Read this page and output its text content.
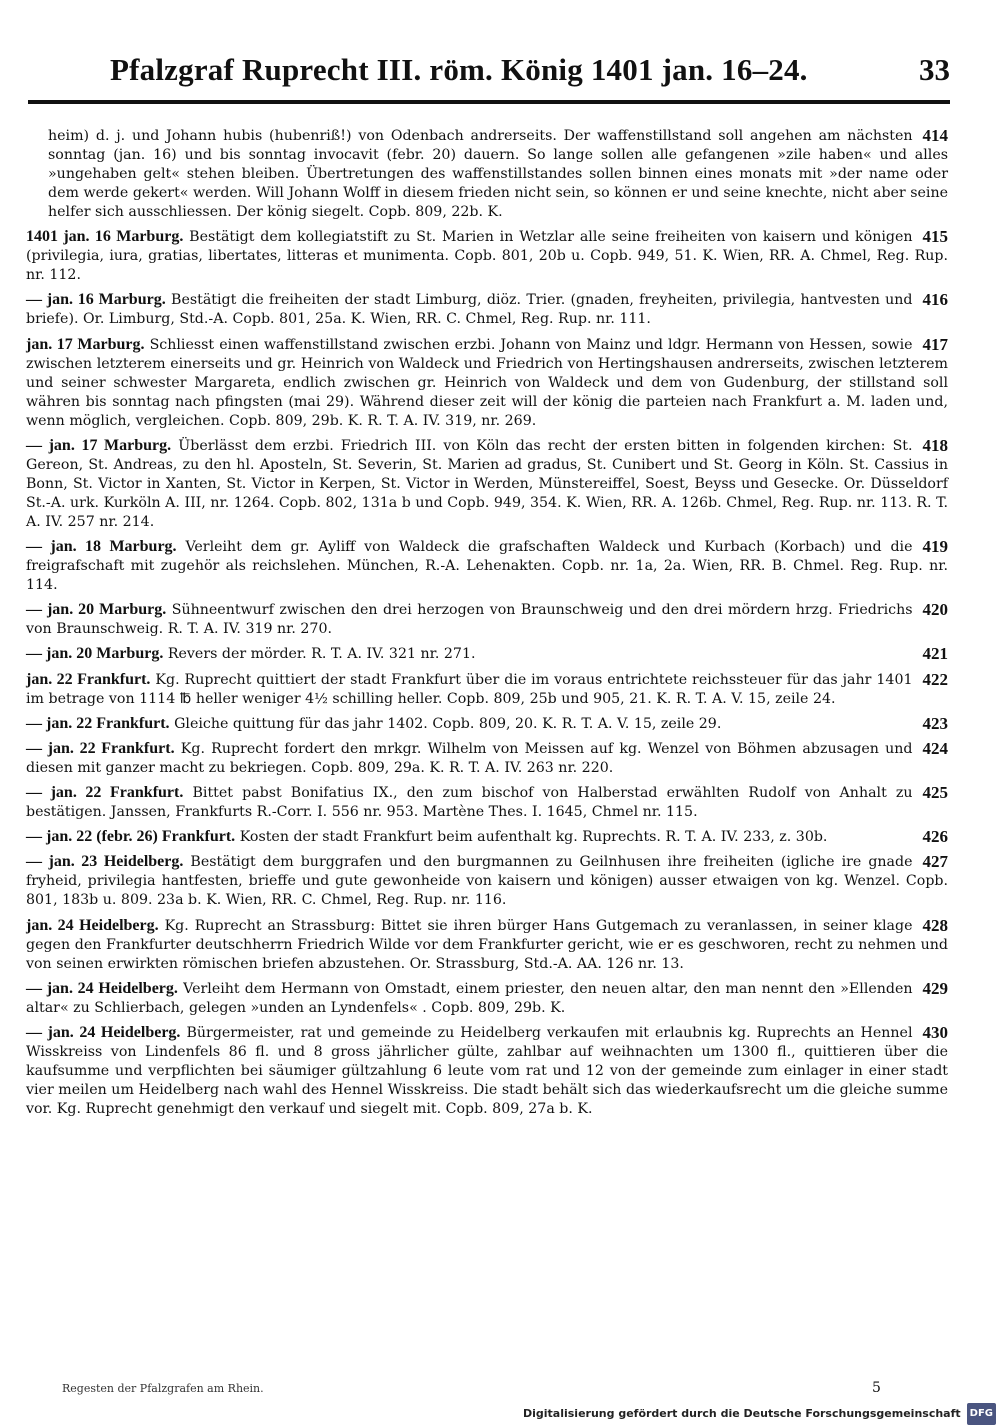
Pfalzgraf Ruprecht III. röm. König 1401 jan. 16–24.	33
414
heim) d. j. und Johann hubis (hubenriß!) von Odenbach andrerseits. Der waffenstillstand soll angehen am nächsten sonntag (jan. 16) und bis sonntag invocavit (febr. 20) dauern. So lange sollen alle gefangenen »zile haben« und alles »ungehaben gelt« stehen bleiben. Übertretungen des waffenstillstandes sollen binnen eines monats mit »der name oder dem werde gekert« werden. Will Johann Wolff in diesem frieden nicht sein, so können er und seine knechte, nicht aber seine helfer sich ausschliessen. Der könig siegelt. Copb. 809, 22b. K.
415
1401 jan. 16 Marburg. Bestätigt dem kollegiatstift zu St. Marien in Wetzlar alle seine freiheiten von kaisern und königen (privilegia, iura, gratias, libertates, litteras et munimenta. Copb. 801, 20b u. Copb. 949, 51. K. Wien, RR. A. Chmel, Reg. Rup. nr. 112.
416
— jan. 16 Marburg. Bestätigt die freiheiten der stadt Limburg, diöz. Trier. (gnaden, freyheiten, privilegia, hantvesten und briefe). Or. Limburg, Std.-A. Copb. 801, 25a. K. Wien, RR. C. Chmel, Reg. Rup. nr. 111.
417
jan. 17 Marburg. Schliesst einen waffenstillstand zwischen erzbi. Johann von Mainz und ldgr. Hermann von Hessen, sowie zwischen letzterem einerseits und gr. Heinrich von Waldeck und Friedrich von Hertingshausen andrerseits, zwischen letzterem und seiner schwester Margareta, endlich zwischen gr. Heinrich von Waldeck und dem von Gudenburg, der stillstand soll währen bis sonntag nach pfingsten (mai 29). Während dieser zeit will der könig die parteien nach Frankfurt a. M. laden und, wenn möglich, vergleichen. Copb. 809, 29b. K. R. T. A. IV. 319, nr. 269.
418
— jan. 17 Marburg. Überlässt dem erzbi. Friedrich III. von Köln das recht der ersten bitten in folgenden kirchen: St. Gereon, St. Andreas, zu den hl. Aposteln, St. Severin, St. Marien ad gradus, St. Cunibert und St. Georg in Köln. St. Cassius in Bonn, St. Victor in Xanten, St. Victor in Kerpen, St. Victor in Werden, Münstereiffel, Soest, Beyss und Gesecke. Or. Düsseldorf St.-A. urk. Kurköln A. III, nr. 1264. Copb. 802, 131a b und Copb. 949, 354. K. Wien, RR. A. 126b. Chmel, Reg. Rup. nr. 113. R. T. A. IV. 257 nr. 214.
419
— jan. 18 Marburg. Verleiht dem gr. Ayliff von Waldeck die grafschaften Waldeck und Kurbach (Korbach) und die freigrafschaft mit zugehör als reichslehen. München, R.-A. Lehenakten. Copb. nr. 1a, 2a. Wien, RR. B. Chmel. Reg. Rup. nr. 114.
420
— jan. 20 Marburg. Sühneentwurf zwischen den drei herzogen von Braunschweig und den drei mördern hrzg. Friedrichs von Braunschweig. R. T. A. IV. 319 nr. 270.
421
— jan. 20 Marburg. Revers der mörder. R. T. A. IV. 321 nr. 271.
422
jan. 22 Frankfurt. Kg. Ruprecht quittiert der stadt Frankfurt über die im voraus entrichtete reichssteuer für das jahr 1401 im betrage von 1114 ℔ heller weniger 4½ schilling heller. Copb. 809, 25b und 905, 21. K. R. T. A. V. 15, zeile 24.
423
— jan. 22 Frankfurt. Gleiche quittung für das jahr 1402. Copb. 809, 20. K. R. T. A. V. 15, zeile 29.
424
— jan. 22 Frankfurt. Kg. Ruprecht fordert den mrkgr. Wilhelm von Meissen auf kg. Wenzel von Böhmen abzusagen und diesen mit ganzer macht zu bekriegen. Copb. 809, 29a. K. R. T. A. IV. 263 nr. 220.
425
— jan. 22 Frankfurt. Bittet pabst Bonifatius IX., den zum bischof von Halberstad erwählten Rudolf von Anhalt zu bestätigen. Janssen, Frankfurts R.-Corr. I. 556 nr. 953. Martène Thes. I. 1645, Chmel nr. 115.
426
— jan. 22 (febr. 26) Frankfurt. Kosten der stadt Frankfurt beim aufenthalt kg. Ruprechts. R. T. A. IV. 233, z. 30b.
427
— jan. 23 Heidelberg. Bestätigt dem burggrafen und den burgmannen zu Geilnhusen ihre freiheiten (igliche ire gnade fryheid, privilegia hantfesten, brieffe und gute gewonheide von kaisern und königen) ausser etwaigen von kg. Wenzel. Copb. 801, 183b u. 809. 23a b. K. Wien, RR. C. Chmel, Reg. Rup. nr. 116.
428
jan. 24 Heidelberg. Kg. Ruprecht an Strassburg: Bittet sie ihren bürger Hans Gutgemach zu veranlassen, in seiner klage gegen den Frankfurter deutschherrn Friedrich Wilde vor dem Frankfurter gericht, wie er es geschworen, recht zu nehmen und von seinen erwirkten römischen briefen abzustehen. Or. Strassburg, Std.-A. AA. 126 nr. 13.
429
— jan. 24 Heidelberg. Verleiht dem Hermann von Omstadt, einem priester, den neuen altar, den man nennt den »Ellenden altar« zu Schlierbach, gelegen »unden an Lyndenfels« . Copb. 809, 29b. K.
430
— jan. 24 Heidelberg. Bürgermeister, rat und gemeinde zu Heidelberg verkaufen mit erlaubnis kg. Ruprechts an Hennel Wisskreiss von Lindenfels 86 fl. und 8 gross jährlicher gülte, zahlbar auf weihnachten um 1300 fl., quittieren über die kaufsumme und verpflichten bei säumiger gültzahlung 6 leute vom rat und 12 von der gemeinde zum einlager in einer stadt vier meilen um Heidelberg nach wahl des Hennel Wisskreiss. Die stadt behält sich das wiederkaufsrecht um die gleiche summe vor. Kg. Ruprecht genehmigt den verkauf und siegelt mit. Copb. 809, 27a b. K.
Regesten der Pfalzgrafen am Rhein.	5
Digitalisierung gefördert durch die Deutsche Forschungsgemeinschaft DFG
